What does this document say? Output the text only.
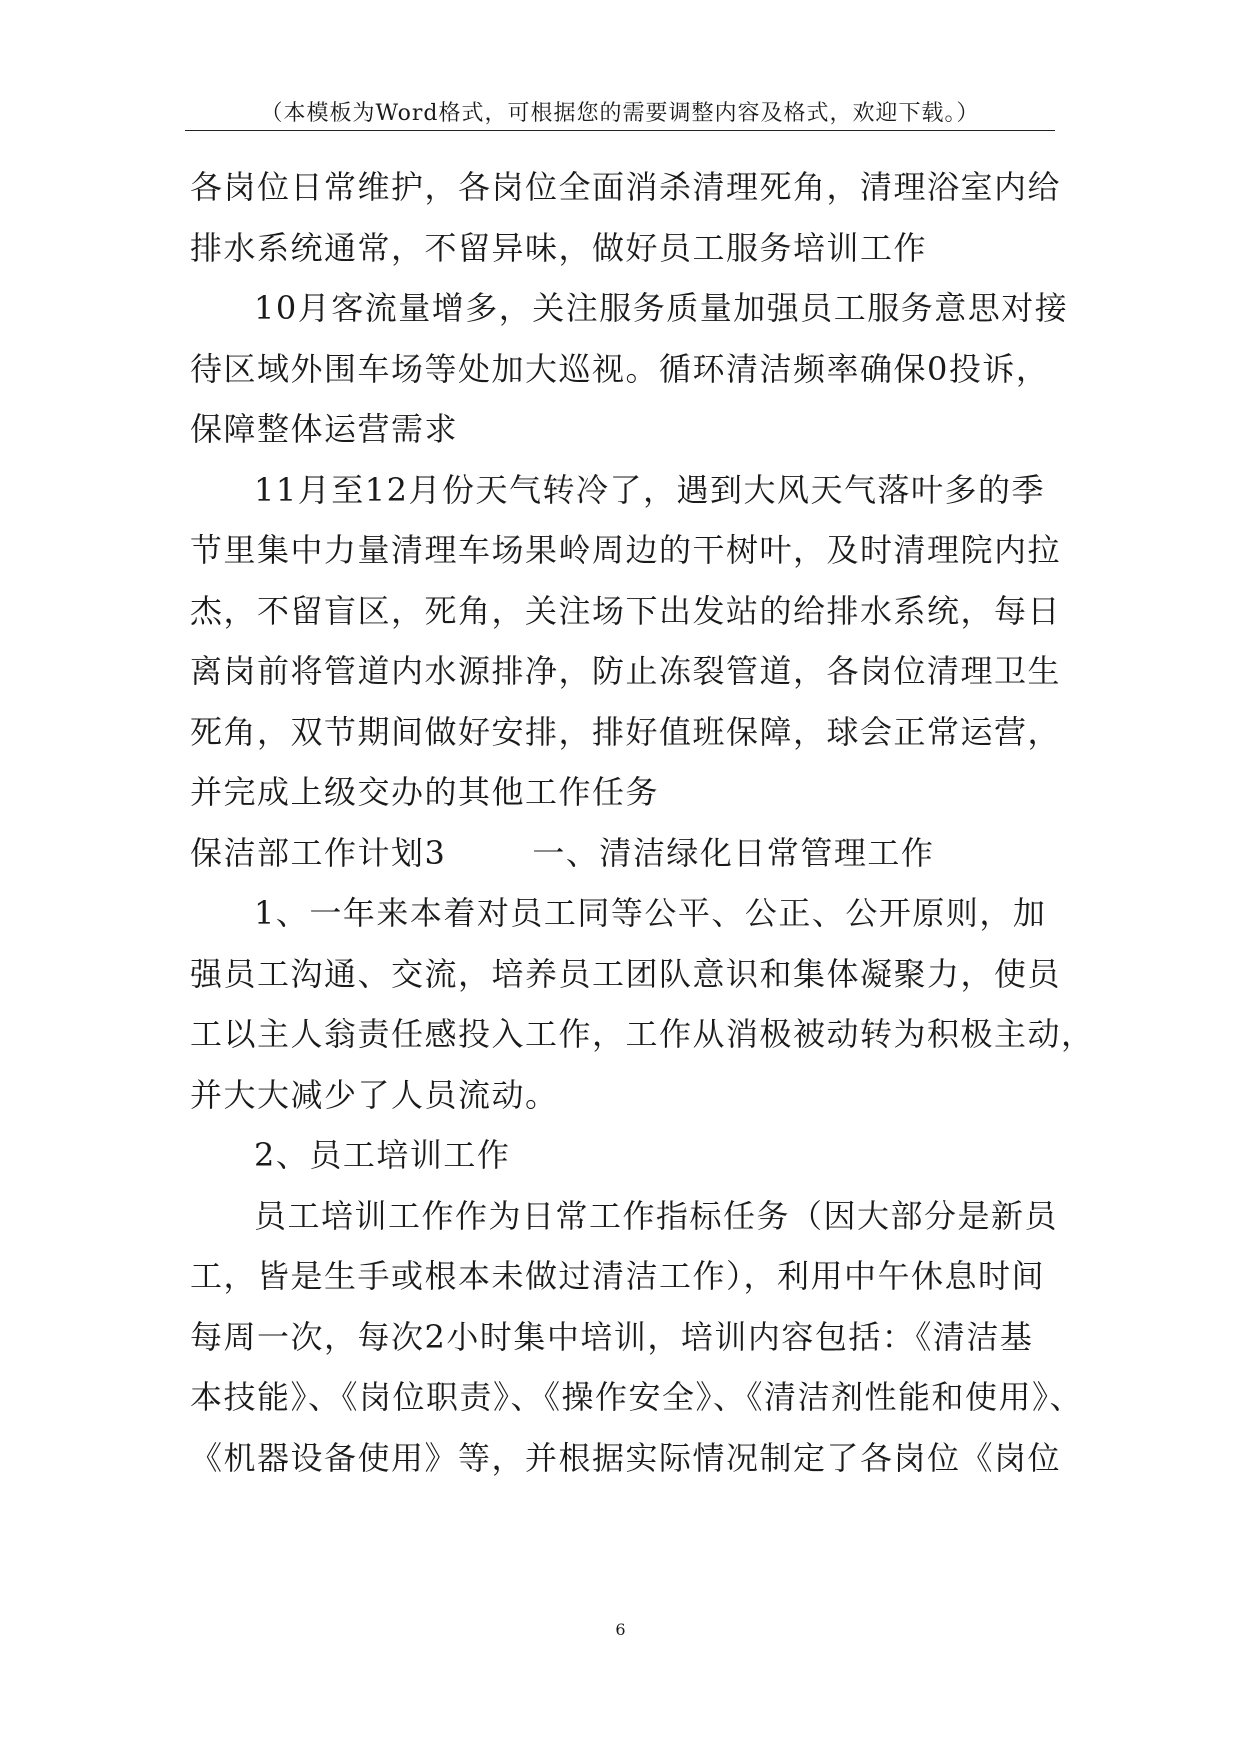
（本模板为Word格式，可根据您的需要调整内容及格式，欢迎下载。）
各岗位日常维护，各岗位全面消杀清理死角，清理浴室内给
排水系统通常，不留异味，做好员工服务培训工作
10月客流量增多，关注服务质量加强员工服务意思对接
待区域外围车场等处加大巡视。循环清洁频率确保0投诉，
保障整体运营需求
11月至12月份天气转冷了，遇到大风天气落叶多的季
节里集中力量清理车场果岭周边的干树叶，及时清理院内拉
杰，不留盲区，死角，关注场下出发站的给排水系统，每日
离岗前将管道内水源排净，防止冻裂管道，各岗位清理卫生
死角，双节期间做好安排，排好值班保障，球会正常运营，
并完成上级交办的其他工作任务
保洁部工作计划3	一、清洁绿化日常管理工作
1、一年来本着对员工同等公平、公正、公开原则，加
强员工沟通、交流，培养员工团队意识和集体凝聚力，使员
工以主人翁责任感投入工作，工作从消极被动转为积极主动，
并大大减少了人员流动。
2、员工培训工作
员工培训工作作为日常工作指标任务（因大部分是新员
工，皆是生手或根本未做过清洁工作），利用中午休息时间
每周一次，每次2小时集中培训，培训内容包括：《清洁基
本技能》、《岗位职责》、《操作安全》、《清洁剂性能和使用》、
《机器设备使用》等，并根据实际情况制定了各岗位《岗位
6
